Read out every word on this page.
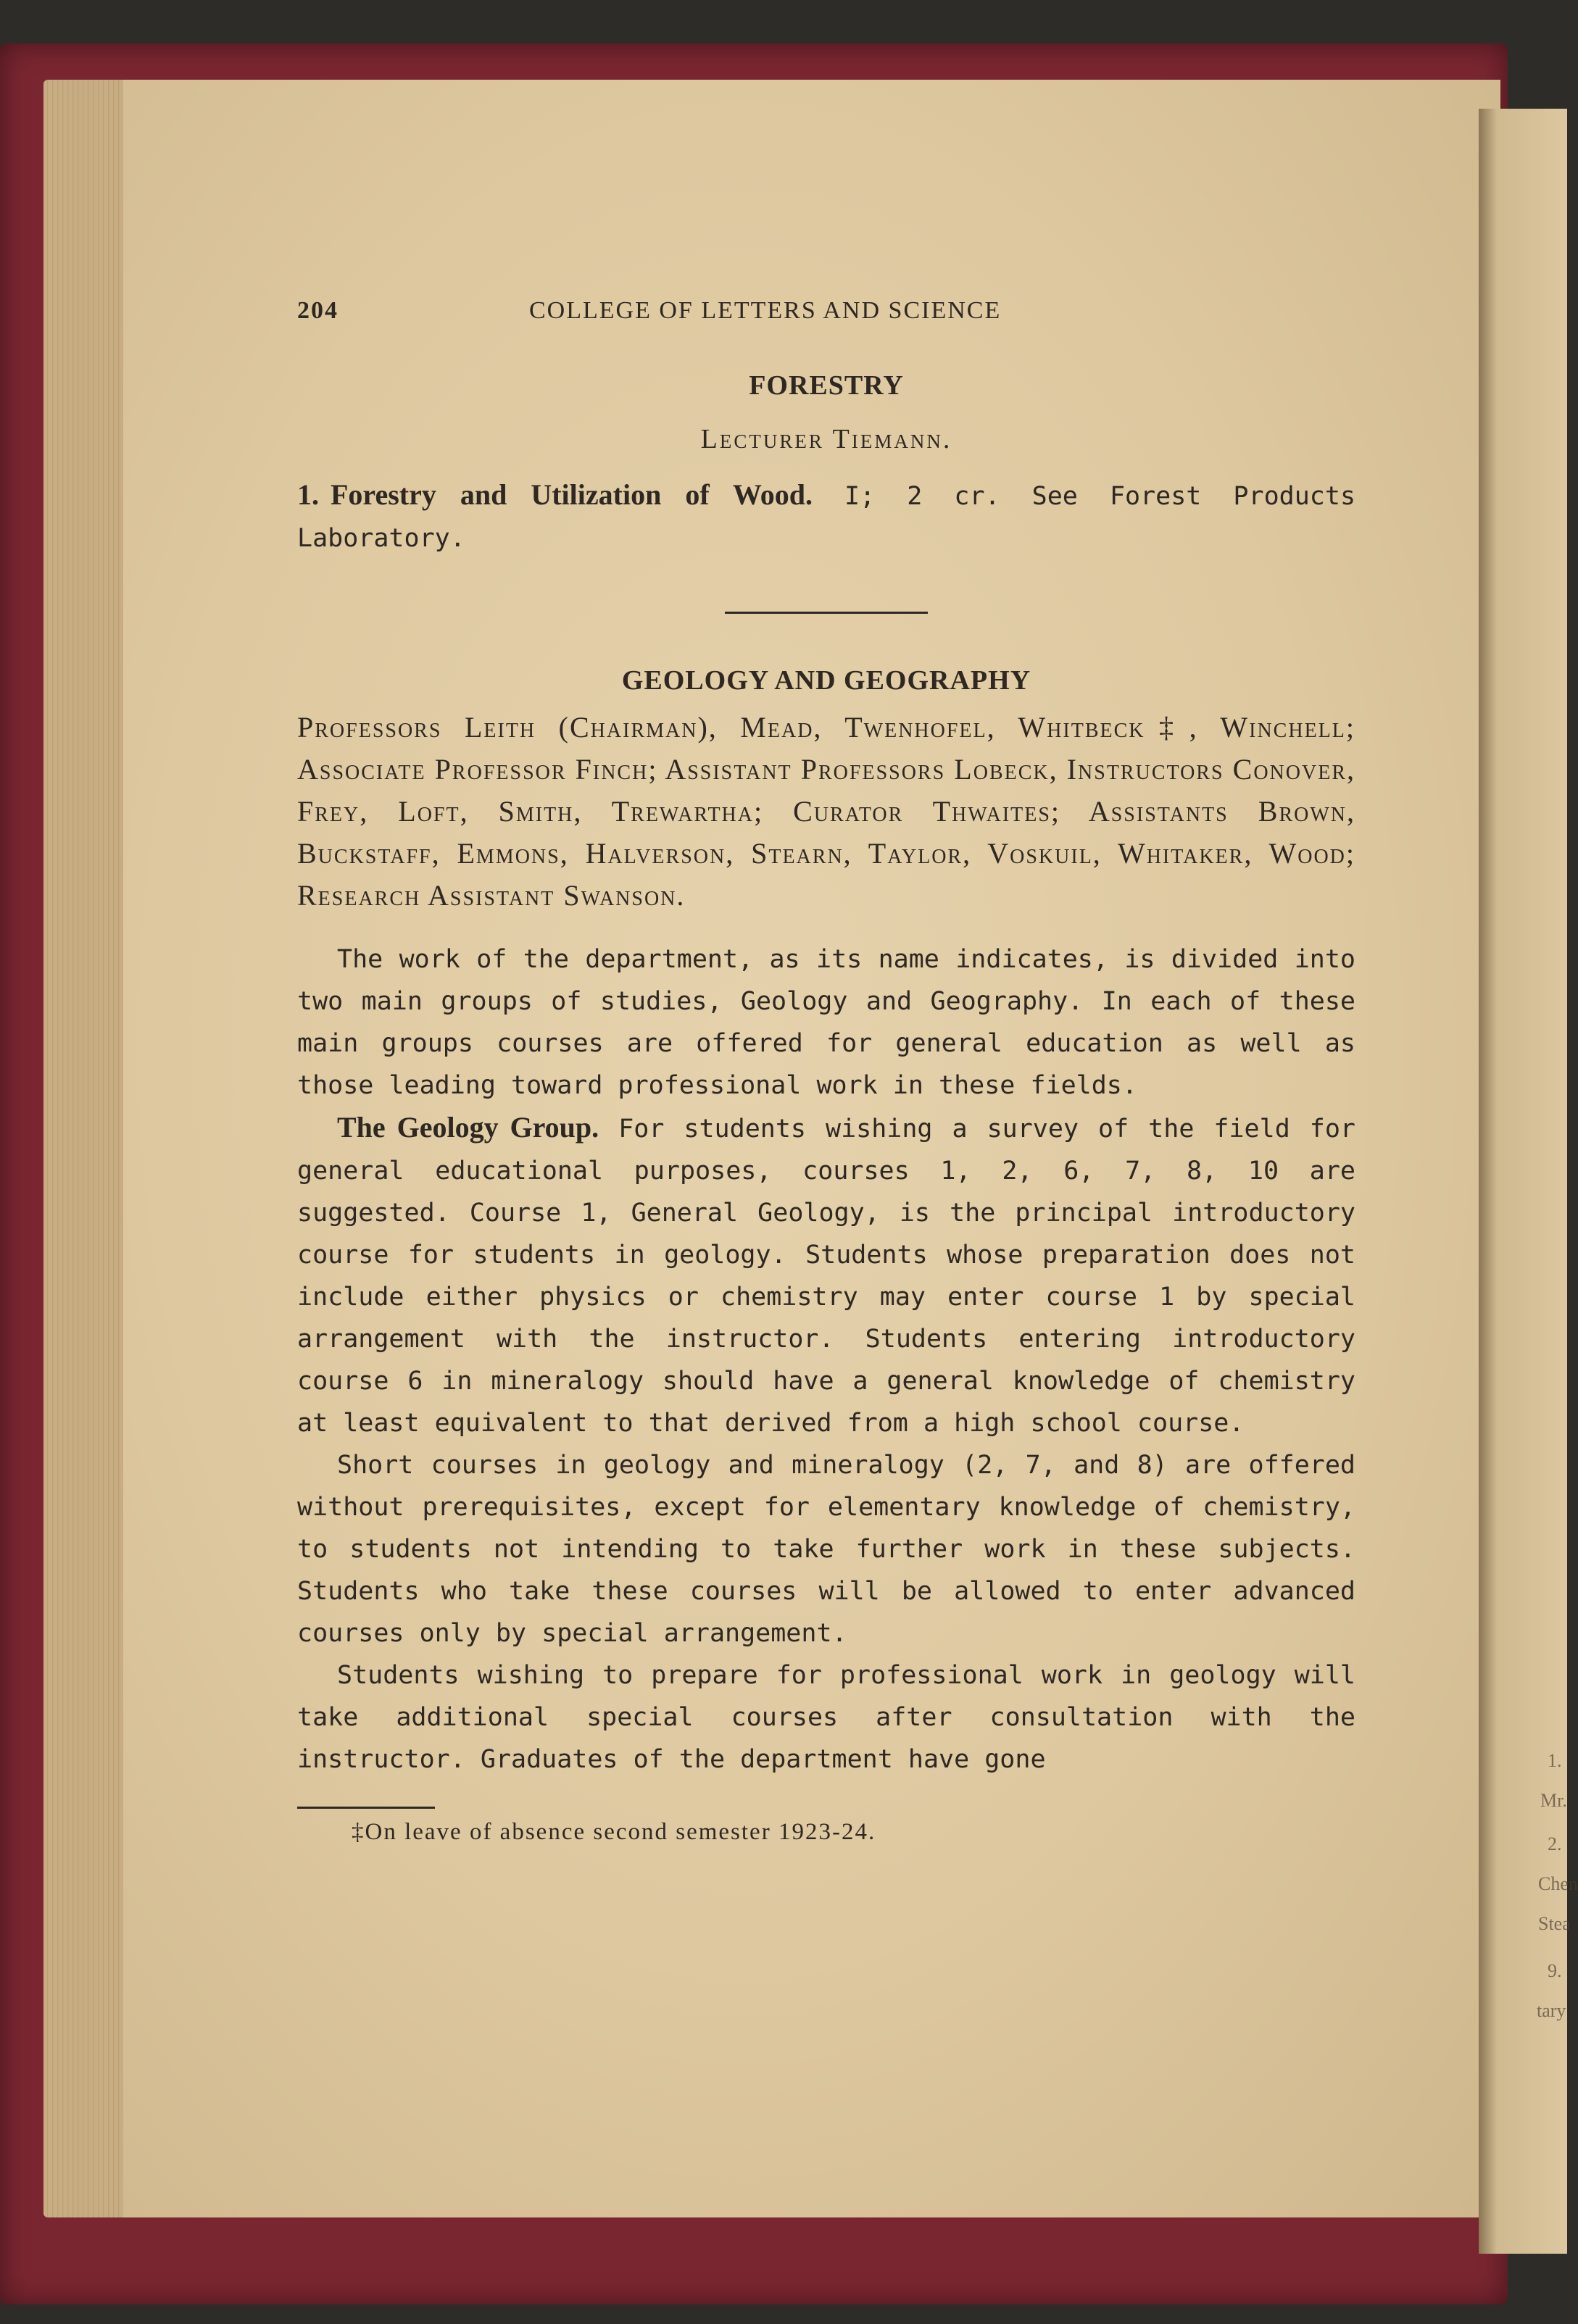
1.
Mr.
2.
Chen
Stea
9.
tary
204	COLLEGE OF LETTERS AND SCIENCE
FORESTRY
Lecturer Tiemann.
1. Forestry and Utilization of Wood. I; 2 cr. See Forest Products Laboratory.
GEOLOGY AND GEOGRAPHY
Professors Leith (Chairman), Mead, Twenhofel, Whitbeck‡, Winchell; Associate Professor Finch; Assistant Professors Lobeck, Instructors Conover, Frey, Loft, Smith, Trewartha; Curator Thwaites; Assistants Brown, Buckstaff, Emmons, Halverson, Stearn, Taylor, Voskuil, Whitaker, Wood; Research Assistant Swanson.

The work of the department, as its name indicates, is divided into two main groups of studies, Geology and Geography. In each of these main groups courses are offered for general education as well as those leading toward professional work in these fields.

The Geology Group. For students wishing a survey of the field for general educational purposes, courses 1, 2, 6, 7, 8, 10 are suggested. Course 1, General Geology, is the principal introductory course for students in geology. Students whose preparation does not include either physics or chemistry may enter course 1 by special arrangement with the instructor. Students entering introductory course 6 in mineralogy should have a general knowledge of chemistry at least equivalent to that derived from a high school course.

Short courses in geology and mineralogy (2, 7, and 8) are offered without prerequisites, except for elementary knowledge of chemistry, to students not intending to take further work in these subjects. Students who take these courses will be allowed to enter advanced courses only by special arrangement.

Students wishing to prepare for professional work in geology will take additional special courses after consultation with the instructor. Graduates of the department have gone

‡On leave of absence second semester 1923-24.
